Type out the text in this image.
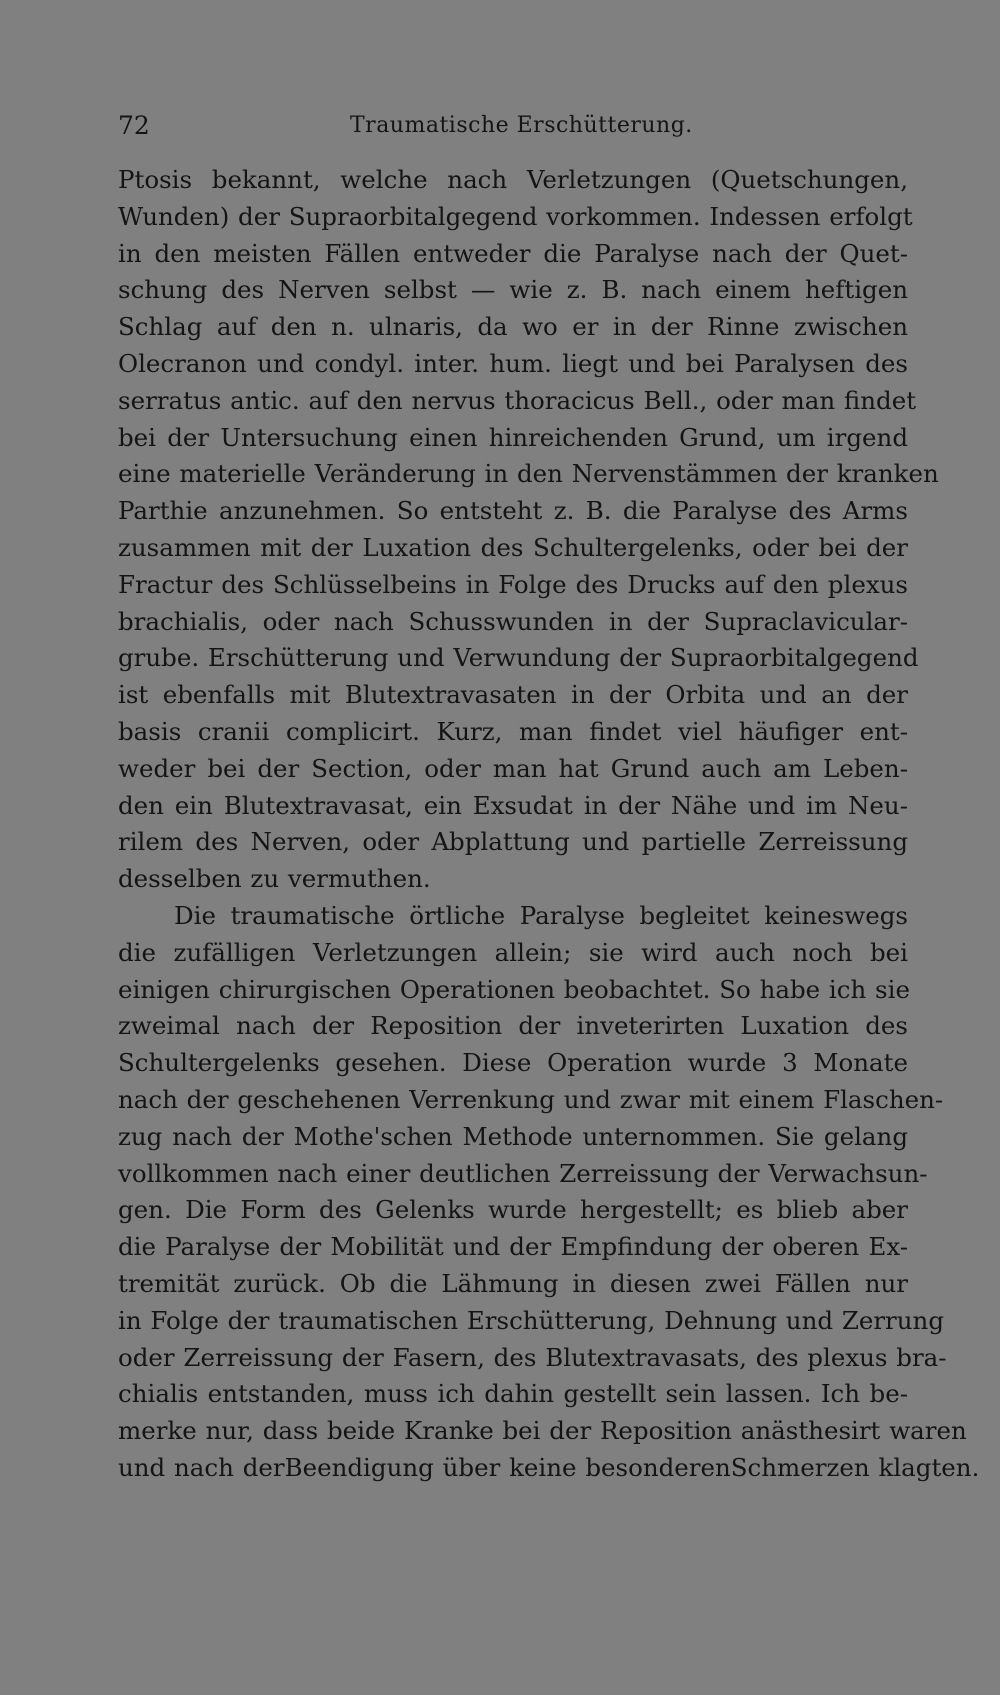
72	Traumatische Erschütterung.
Ptosis bekannt, welche nach Verletzungen (Quetschungen,
Wunden) der Supraorbitalgegend vorkommen. Indessen erfolgt
in den meisten Fällen entweder die Paralyse nach der Quet-
schung des Nerven selbst — wie z. B. nach einem heftigen
Schlag auf den n. ulnaris, da wo er in der Rinne zwischen
Olecranon und condyl. inter. hum. liegt und bei Paralysen des
serratus antic. auf den nervus thoracicus Bell., oder man findet
bei der Untersuchung einen hinreichenden Grund, um irgend
eine materielle Veränderung in den Nervenstämmen der kranken
Parthie anzunehmen. So entsteht z. B. die Paralyse des Arms
zusammen mit der Luxation des Schultergelenks, oder bei der
Fractur des Schlüsselbeins in Folge des Drucks auf den plexus
brachialis, oder nach Schusswunden in der Supraclavicular-
grube. Erschütterung und Verwundung der Supraorbitalgegend
ist ebenfalls mit Blutextravasaten in der Orbita und an der
basis cranii complicirt. Kurz, man findet viel häufiger ent-
weder bei der Section, oder man hat Grund auch am Leben-
den ein Blutextravasat, ein Exsudat in der Nähe und im Neu-
rilem des Nerven, oder Abplattung und partielle Zerreissung
desselben zu vermuthen.
Die traumatische örtliche Paralyse begleitet keineswegs
die zufälligen Verletzungen allein; sie wird auch noch bei
einigen chirurgischen Operationen beobachtet. So habe ich sie
zweimal nach der Reposition der inveterirten Luxation des
Schultergelenks gesehen. Diese Operation wurde 3 Monate
nach der geschehenen Verrenkung und zwar mit einem Flaschen-
zug nach der Mothe'schen Methode unternommen. Sie gelang
vollkommen nach einer deutlichen Zerreissung der Verwachsun-
gen. Die Form des Gelenks wurde hergestellt; es blieb aber
die Paralyse der Mobilität und der Empfindung der oberen Ex-
tremität zurück. Ob die Lähmung in diesen zwei Fällen nur
in Folge der traumatischen Erschütterung, Dehnung und Zerrung
oder Zerreissung der Fasern, des Blutextravasats, des plexus bra-
chialis entstanden, muss ich dahin gestellt sein lassen. Ich be-
merke nur, dass beide Kranke bei der Reposition anästhesirt waren
und nach derBeendigung über keine besonderenSchmerzen klagten.
